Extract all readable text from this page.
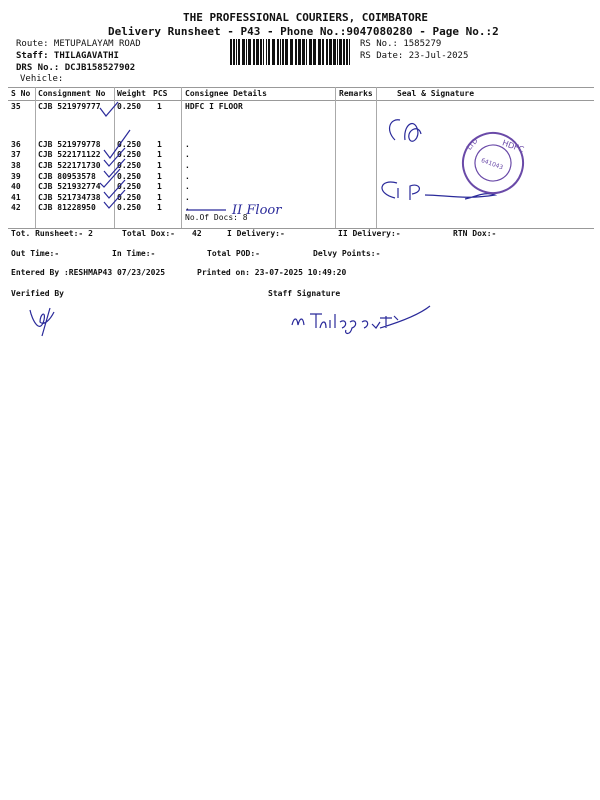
THE PROFESSIONAL COURIERS, COIMBATORE
Delivery Runsheet - P43 - Phone No.:9047080280 - Page No.:2
Route: METUPALAYAM ROAD
Staff: THILAGAVATHI
DRS No.: DCJB158527902
Vehicle:
RS No.: 1585279
RS Date: 23-Jul-2025
S No Consignment No Weight PCS Consignee Details	Remarks	Seal & Signature
35 CJB 521979777 0.250 1	HDFC I FLOOR
36 CJB 521979778 0.250 1	.
37 CJB 522171122 0.250 1	.
38 CJB 522171730 0.250 1	.
39 CJB 80953578	0.250 1	.
40 CJB 521932774 0.250 1	.
41 CJB 521734738 0.250 1	.
42 CJB 81228950	0.250 1	.
No.Of Docs: 8
II Floor
641043
HDFC
LTD
Tot. Runsheet:- 2	Total Dox:- 42	I Delivery:-	II Delivery:-	RTN Dox:-
Out Time:-	In Time:-	Total POD:-	Delvy Points:-
Entered By :RESHMAP43 07/23/2025	Printed on: 23-07-2025 10:49:20
Verified By	Staff Signature
